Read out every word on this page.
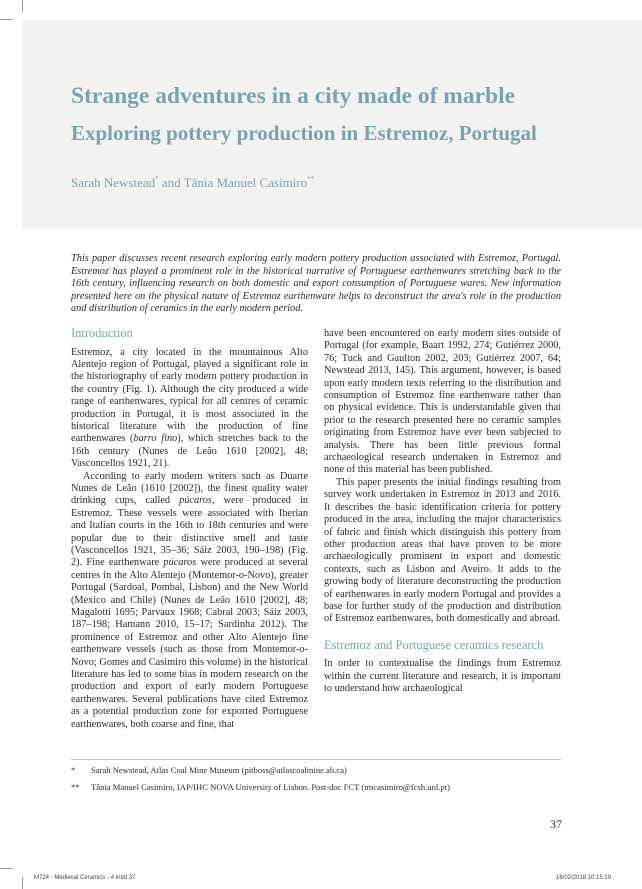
Strange adventures in a city made of marble
Exploring pottery production in Estremoz, Portugal
Sarah Newstead* and Tânia Manuel Casimiro**

This paper discusses recent research exploring early modern pottery production associated with Estremoz, Portugal. Estremoz has played a prominent role in the historical narrative of Portuguese earthenwares stretching back to the 16th century, influencing research on both domestic and export consumption of Portuguese wares. New information presented here on the physical nature of Estremoz earthenware helps to deconstruct the area's role in the production and distribution of ceramics in the early modern period.

Introduction

Estremoz, a city located in the mountainous Alto Alentejo region of Portugal, played a significant role in the historiography of early modern pottery production in the country (Fig. 1). Although the city produced a wide range of earthenwares, typical for all centres of ceramic production in Portugal, it is most associated in the historical literature with the production of fine earthenwares (barro fino), which stretches back to the 16th century (Nunes de Leão 1610 [2002], 48; Vasconcellos 1921, 21).

According to early modern writers such as Duarte Nunes de Leão (1610 [2002]), the finest quality water drinking cups, called púcaros, were produced in Estremoz. These vessels were associated with Iberian and Italian courts in the 16th to 18th centuries and were popular due to their distinctive smell and taste (Vasconcellos 1921, 35–36; Sáiz 2003, 190–198) (Fig. 2). Fine earthenware púcaros were produced at several centres in the Alto Alentejo (Montemor-o-Novo), greater Portugal (Sardoal, Pombal, Lisbon) and the New World (Mexico and Chile) (Nunes de Leão 1610 [2002], 48; Magalotti 1695; Parvaux 1968; Cabral 2003; Sáiz 2003, 187–198; Hamann 2010, 15–17; Sardinha 2012). The prominence of Estremoz and other Alto Alentejo fine earthenware vessels (such as those from Montemor-o-Novo; Gomes and Casimiro this volume) in the historical literature has led to some bias in modern research on the production and export of early modern Portuguese earthenwares. Several publications have cited Estremoz as a potential production zone for exported Portuguese earthenwares, both coarse and fine, that

have been encountered on early modern sites outside of Portugal (for example, Baart 1992, 274; Gutiérrez 2000, 76; Tuck and Gaulton 2002, 203; Gutiérrez 2007, 64; Newstead 2013, 145). This argument, however, is based upon early modern texts referring to the distribution and consumption of Estremoz fine earthenware rather than on physical evidence. This is understandable given that prior to the research presented here no ceramic samples originating from Estremoz have ever been subjected to analysis. There has been little previous formal archaeological research undertaken in Estremoz and none of this material has been published.

This paper presents the initial findings resulting from survey work undertaken in Estremoz in 2013 and 2016. It describes the basic identification criteria for pottery produced in the area, including the major characteristics of fabric and finish which distinguish this pottery from other production areas that have proven to be more archaeologically prominent in export and domestic contexts, such as Lisbon and Aveiro. It adds to the growing body of literature deconstructing the production of earthenwares in early modern Portugal and provides a base for further study of the production and distribution of Estremoz earthenwares, both domestically and abroad.

Estremoz and Portuguese ceramics research

In order to contextualise the findings from Estremoz within the current literature and research, it is important to understand how archaeological

* Sarah Newstead, Atlas Coal Mine Museum (pitboss@atlascoalmine.ab.ca)
** Tânia Manuel Casimiro, IAP/IHC NOVA University of Lisbon. Post-doc FCT (tmcasimiro@fcsh.unl.pt)
37
M724 - Medieval Ceramics - 4 indd 37	16/02/2018 10:15:19
